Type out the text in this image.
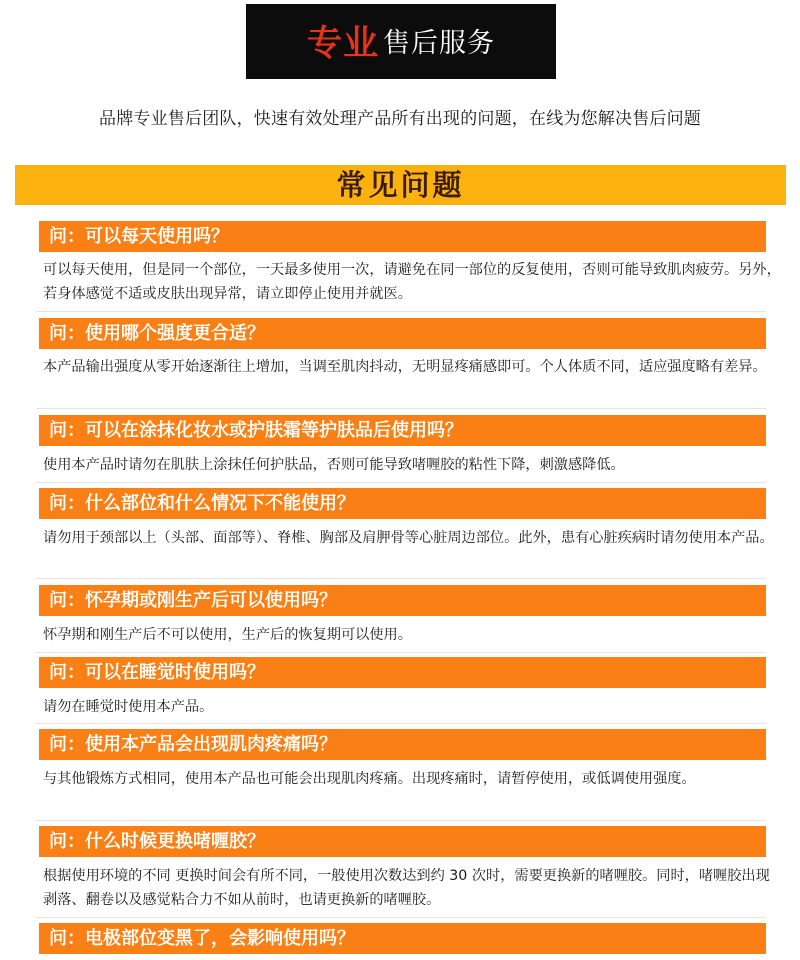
专业 售后服务
品牌专业售后团队，快速有效处理产品所有出现的问题，在线为您解决售后问题
常见问题
问：可以每天使用吗？
可以每天使用，但是同一个部位，一天最多使用一次，请避免在同一部位的反复使用，否则可能导致肌肉疲劳。另外，若身体感觉不适或皮肤出现异常，请立即停止使用并就医。
问：使用哪个强度更合适？
本产品输出强度从零开始逐渐往上增加，当调至肌肉抖动，无明显疼痛感即可。个人体质不同，适应强度略有差异。
问：可以在涂抹化妆水或护肤霜等护肤品后使用吗？
使用本产品时请勿在肌肤上涂抹任何护肤品，否则可能导致啫喱胶的粘性下降，刺激感降低。
问：什么部位和什么情况下不能使用？
请勿用于颈部以上（头部、面部等）、脊椎、胸部及肩胛骨等心脏周边部位。此外，患有心脏疾病时请勿使用本产品。
问：怀孕期或刚生产后可以使用吗？
怀孕期和刚生产后不可以使用，生产后的恢复期可以使用。
问：可以在睡觉时使用吗？
请勿在睡觉时使用本产品。
问：使用本产品会出现肌肉疼痛吗？
与其他锻炼方式相同，使用本产品也可能会出现肌肉疼痛。出现疼痛时，请暂停使用，或低调使用强度。
问：什么时候更换啫喱胶？
根据使用环境的不同 更换时间会有所不同，一般使用次数达到约 30 次时，需要更换新的啫喱胶。同时，啫喱胶出现剥落、翻卷以及感觉粘合力不如从前时，也请更换新的啫喱胶。
问：电极部位变黑了，会影响使用吗？
